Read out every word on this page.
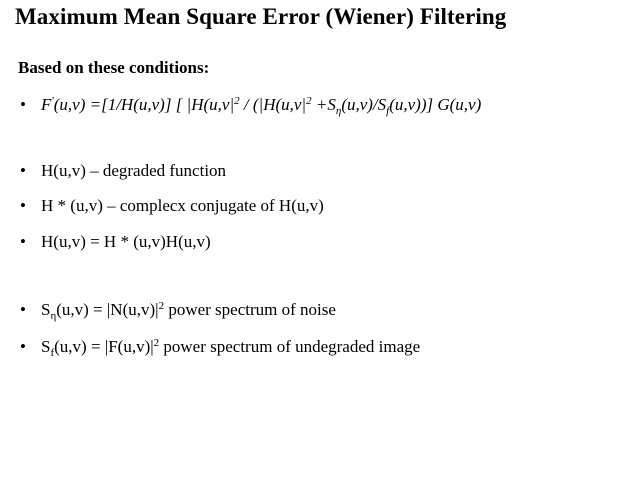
Maximum Mean Square Error (Wiener) Filtering
Based on these conditions:
• F'(u,v) =[1/H(u,v)] [ $|H(u,v|^2 / (|H(u,v|^2 +S_\eta(u,v)/S_f(u,v))]$ G(u,v)
• H(u,v) – degraded function
• H * (u,v) – complecx conjugate of H(u,v)
• H(u,v) = H * (u,v)H(u,v)
• $S_\eta(u,v) = |N(u,v)|^2$ power spectrum of noise
• $S_f(u,v) = |F(u,v)|^2$ power spectrum of undegraded image
